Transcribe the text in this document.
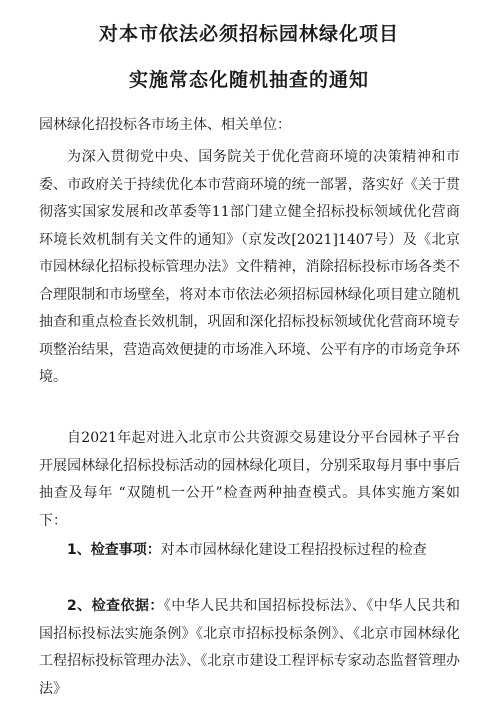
对本市依法必须招标园林绿化项目
实施常态化随机抽查的通知

园林绿化招投标各市场主体、相关单位：

为深入贯彻党中央、国务院关于优化营商环境的决策精神和市委、市政府关于持续优化本市营商环境的统一部署，落实好《关于贯彻落实国家发展和改革委等11部门建立健全招标投标领域优化营商环境长效机制有关文件的通知》（京发改[2021]1407号）及《北京市园林绿化招标投标管理办法》文件精神，消除招标投标市场各类不合理限制和市场壁垒，将对本市依法必须招标园林绿化项目建立随机抽查和重点检查长效机制，巩固和深化招标投标领域优化营商环境专项整治结果，营造高效便捷的市场准入环境、公平有序的市场竞争环境。

自2021年起对进入北京市公共资源交易建设分平台园林子平台开展园林绿化招标投标活动的园林绿化项目，分别采取每月事中事后抽查及每年 “双随机一公开”检查两种抽查模式。具体实施方案如下：

1、检查事项：对本市园林绿化建设工程招投标过程的检查

2、检查依据：《中华人民共和国招标投标法》、《中华人民共和国招标投标法实施条例》《北京市招标投标条例》、《北京市园林绿化工程招标投标管理办法》、《北京市建设工程评标专家动态监督管理办法》
